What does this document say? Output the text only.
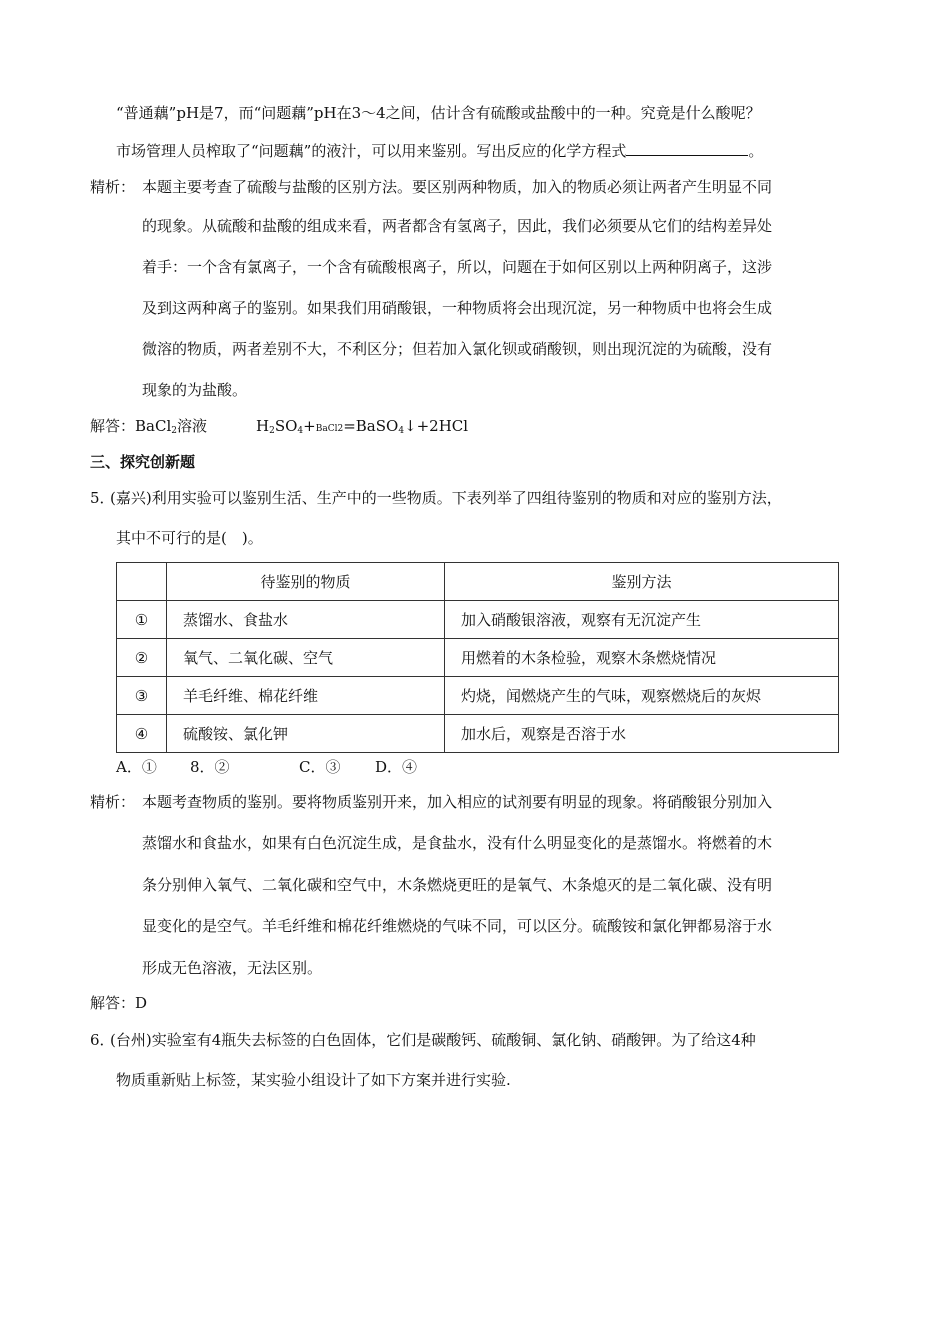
“普通藕”pH是7，而“问题藕”pH在3～4之间，估计含有硫酸或盐酸中的一种。究竟是什么酸呢？
市场管理人员榨取了“问题藕”的液汁，可以用来鉴别。写出反应的化学方程式	。
精析： 本题主要考查了硫酸与盐酸的区别方法。要区别两种物质，加入的物质必须让两者产生明显不同
的现象。从硫酸和盐酸的组成来看，两者都含有氢离子，因此，我们必须要从它们的结构差异处
着手：一个含有氯离子，一个含有硫酸根离子，所以，问题在于如何区别以上两种阴离子，这涉
及到这两种离子的鉴别。如果我们用硝酸银，一种物质将会出现沉淀，另一种物质中也将会生成
微溶的物质，两者差别不大，不利区分；但若加入氯化钡或硝酸钡，则出现沉淀的为硫酸，没有
现象的为盐酸。
解答：BaCl$_2$溶液	$H_2SO_4+BaCl2=BaSO_4↓+2HCl$
三、探究创新题
5．
(嘉兴)利用实验可以鉴别生活、生产中的一些物质。下表列举了四组待鉴别的物质和对应的鉴别方法，
其中不可行的是(　)。
	待鉴别的物质	鉴别方法
①	蒸馏水、食盐水	加入硝酸银溶液，观察有无沉淀产生
②	氧气、二氧化碳、空气	用燃着的木条检验，观察木条燃烧情况
③	羊毛纤维、棉花纤维	灼烧，闻燃烧产生的气味，观察燃烧后的灰烬
④	硫酸铵、氯化钾	加水后，观察是否溶于水
A．① 8．②	C．③ D．④
精析： 本题考查物质的鉴别。要将物质鉴别开来，加入相应的试剂要有明显的现象。将硝酸银分别加入
蒸馏水和食盐水，如果有白色沉淀生成，是食盐水，没有什么明显变化的是蒸馏水。将燃着的木
条分别伸入氧气、二氧化碳和空气中，木条燃烧更旺的是氧气、木条熄灭的是二氧化碳、没有明
显变化的是空气。羊毛纤维和棉花纤维燃烧的气味不同，可以区分。硫酸铵和氯化钾都易溶于水
形成无色溶液，无法区别。
解答：D
6．
(台州)实验室有4瓶失去标签的白色固体，它们是碳酸钙、硫酸铜、氯化钠、硝酸钾。为了给这4种
物质重新贴上标签，某实验小组设计了如下方案并进行实验.
